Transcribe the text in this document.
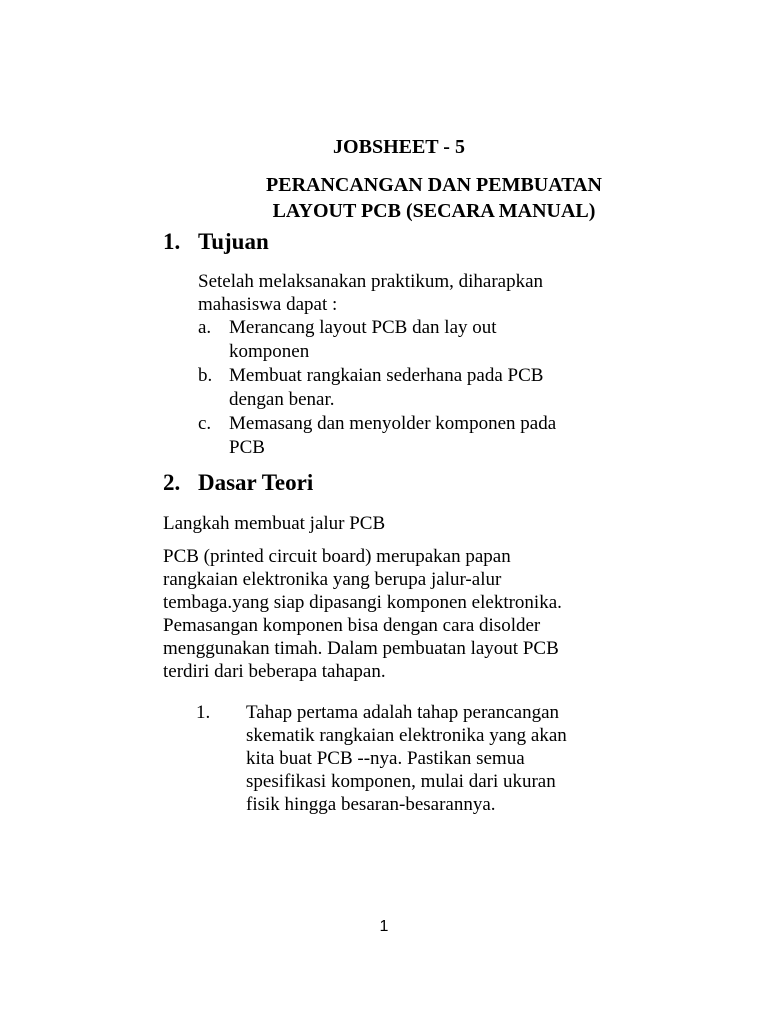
JOBSHEET - 5

PERANCANGAN DAN PEMBUATAN
LAYOUT PCB (SECARA MANUAL)
1. Tujuan
Setelah melaksanakan praktikum, diharapkan
mahasiswa dapat :
a. Merancang layout PCB dan lay out
komponen
b. Membuat rangkaian sederhana pada PCB
dengan benar.
c. Memasang dan menyolder komponen pada
PCB
2. Dasar Teori

Langkah membuat jalur PCB

PCB (printed circuit board) merupakan papan
rangkaian elektronika yang berupa jalur-alur
tembaga.yang siap dipasangi komponen elektronika.
Pemasangan komponen bisa dengan cara disolder
menggunakan timah. Dalam pembuatan layout PCB
terdiri dari beberapa tahapan.
1.	Tahap pertama adalah tahap perancangan
skematik rangkaian elektronika yang akan
kita buat PCB --nya. Pastikan semua
spesifikasi komponen, mulai dari ukuran
fisik hingga besaran-besarannya.

1
